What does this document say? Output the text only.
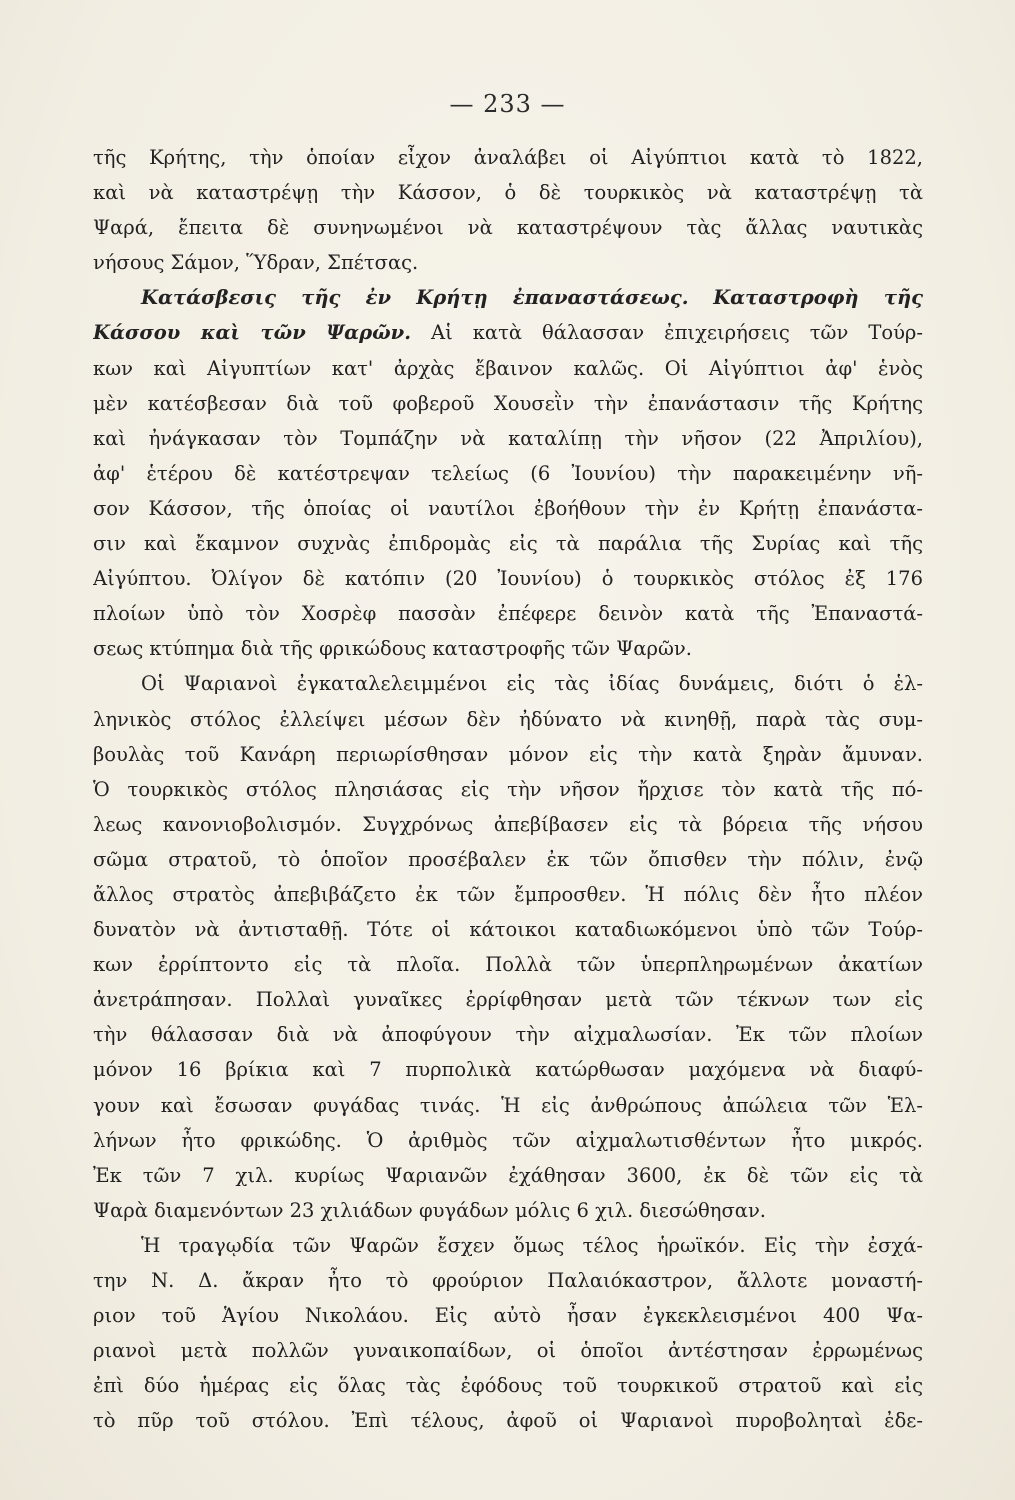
— 233 —
τῆς Κρήτης, τὴν ὁποίαν εἶχον ἀναλάβει οἱ Αἰγύπτιοι κατὰ τὸ 1822,
καὶ νὰ καταστρέψῃ τὴν Κάσσον, ὁ δὲ τουρκικὸς νὰ καταστρέψῃ τὰ
Ψαρά, ἔπειτα δὲ συνηνωμένοι νὰ καταστρέψουν τὰς ἄλλας ναυτικὰς
νήσους Σάμον, Ὕδραν, Σπέτσας.
Κατάσβεσις τῆς ἐν Κρήτῃ ἐπαναστάσεως. Καταστροφὴ τῆς
Κάσσου καὶ τῶν Ψαρῶν. Αἱ κατὰ θάλασσαν ἐπιχειρήσεις τῶν Τούρ-
κων καὶ Αἰγυπτίων κατ' ἀρχὰς ἔβαινον καλῶς. Οἱ Αἰγύπτιοι ἀφ' ἑνὸς
μὲν κατέσβεσαν διὰ τοῦ φοβεροῦ Χουσεῒν τὴν ἐπανάστασιν τῆς Κρήτης
καὶ ἠνάγκασαν τὸν Τομπάζην νὰ καταλίπῃ τὴν νῆσον (22 Ἀπριλίου),
ἀφ' ἑτέρου δὲ κατέστρεψαν τελείως (6 Ἰουνίου) τὴν παρακειμένην νῆ-
σον Κάσσον, τῆς ὁποίας οἱ ναυτίλοι ἐβοήθουν τὴν ἐν Κρήτῃ ἐπανάστα-
σιν καὶ ἔκαμνον συχνὰς ἐπιδρομὰς εἰς τὰ παράλια τῆς Συρίας καὶ τῆς
Αἰγύπτου. Ὀλίγον δὲ κατόπιν (20 Ἰουνίου) ὁ τουρκικὸς στόλος ἐξ 176
πλοίων ὑπὸ τὸν Χοσρὲφ πασσὰν ἐπέφερε δεινὸν κατὰ τῆς Ἐπαναστά-
σεως κτύπημα διὰ τῆς φρικώδους καταστροφῆς τῶν Ψαρῶν.
Οἱ Ψαριανοὶ ἐγκαταλελειμμένοι εἰς τὰς ἰδίας δυνάμεις, διότι ὁ ἑλ-
ληνικὸς στόλος ἐλλείψει μέσων δὲν ἠδύνατο νὰ κινηθῇ, παρὰ τὰς συμ-
βουλὰς τοῦ Κανάρη περιωρίσθησαν μόνον εἰς τὴν κατὰ ξηρὰν ἄμυναν.
Ὁ τουρκικὸς στόλος πλησιάσας εἰς τὴν νῆσον ἤρχισε τὸν κατὰ τῆς πό-
λεως κανονιοβολισμόν. Συγχρόνως ἀπεβίβασεν εἰς τὰ βόρεια τῆς νήσου
σῶμα στρατοῦ, τὸ ὁποῖον προσέβαλεν ἐκ τῶν ὄπισθεν τὴν πόλιν, ἐνῷ
ἄλλος στρατὸς ἀπεβιβάζετο ἐκ τῶν ἔμπροσθεν. Ἡ πόλις δὲν ἦτο πλέον
δυνατὸν νὰ ἀντισταθῇ. Τότε οἱ κάτοικοι καταδιωκόμενοι ὑπὸ τῶν Τούρ-
κων ἐρρίπτοντο εἰς τὰ πλοῖα. Πολλὰ τῶν ὑπερπληρωμένων ἀκατίων
ἀνετράπησαν. Πολλαὶ γυναῖκες ἐρρίφθησαν μετὰ τῶν τέκνων των εἰς
τὴν θάλασσαν διὰ νὰ ἀποφύγουν τὴν αἰχμαλωσίαν. Ἐκ τῶν πλοίων
μόνον 16 βρίκια καὶ 7 πυρπολικὰ κατώρθωσαν μαχόμενα νὰ διαφύ-
γουν καὶ ἔσωσαν φυγάδας τινάς. Ἡ εἰς ἀνθρώπους ἀπώλεια τῶν Ἑλ-
λήνων ἦτο φρικώδης. Ὁ ἀριθμὸς τῶν αἰχμαλωτισθέντων ἦτο μικρός.
Ἐκ τῶν 7 χιλ. κυρίως Ψαριανῶν ἐχάθησαν 3600, ἐκ δὲ τῶν εἰς τὰ
Ψαρὰ διαμενόντων 23 χιλιάδων φυγάδων μόλις 6 χιλ. διεσώθησαν.
Ἡ τραγῳδία τῶν Ψαρῶν ἔσχεν ὅμως τέλος ἡρωϊκόν. Εἰς τὴν ἐσχά-
την Ν. Δ. ἄκραν ἦτο τὸ φρούριον Παλαιόκαστρον, ἄλλοτε μοναστή-
ριον τοῦ Ἁγίου Νικολάου. Εἰς αὐτὸ ἦσαν ἐγκεκλεισμένοι 400 Ψα-
ριανοὶ μετὰ πολλῶν γυναικοπαίδων, οἱ ὁποῖοι ἀντέστησαν ἐρρωμένως
ἐπὶ δύο ἡμέρας εἰς ὅλας τὰς ἐφόδους τοῦ τουρκικοῦ στρατοῦ καὶ εἰς
τὸ πῦρ τοῦ στόλου. Ἐπὶ τέλους, ἀφοῦ οἱ Ψαριανοὶ πυροβοληταὶ ἐδε-
